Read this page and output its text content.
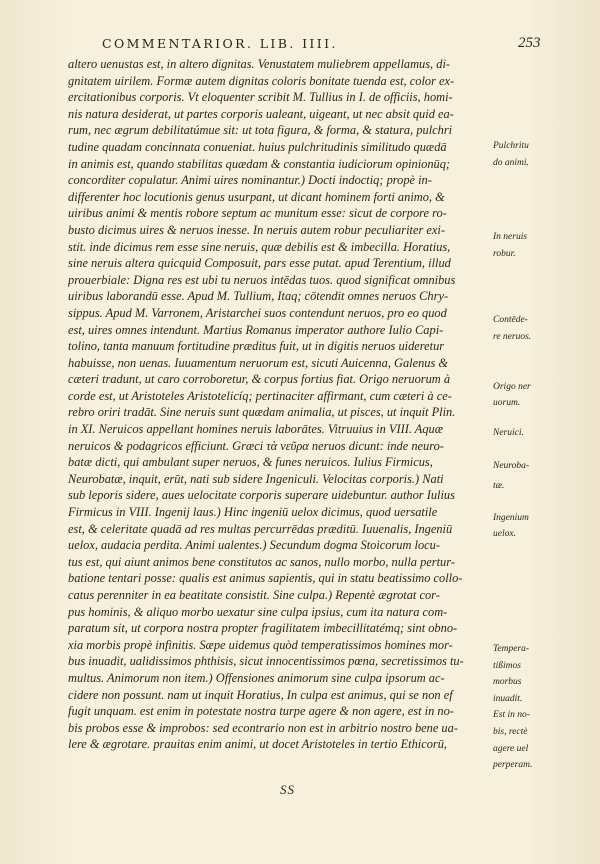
COMMENTARIOR. LIB. IIII.	253
altero uenustas est, in altero dignitas. Venustatem muliebrem appellamus, di-
gnitatem uirilem. Formæ autem dignitas coloris bonitate tuenda est, color ex-
ercitationibus corporis. Vt eloquenter scribit M. Tullius in I. de officiis, homi-
nis natura desiderat, ut partes corporis ualeant, uigeant, ut nec absit quid ea-
rum, nec ægrum debilitatúmue sit: ut tota figura, & forma, & statura, pulchri
tudine quadam concinnata conueniat. huius pulchritudinis similitudo quædā
in animis est, quando stabilitas quædam & constantia iudiciorum opinionūq;
concorditer copulatur. Animi uires nominantur.) Docti indoctiq; propè in-
differenter hoc locutionis genus usurpant, ut dicant hominem forti animo, &
uiribus animi & mentis robore septum ac munitum esse: sicut de corpore ro-
busto dicimus uires & neruos inesse. In neruis autem robur peculiariter exi-
stit. inde dicimus rem esse sine neruis, quæ debilis est & imbecilla. Horatius,
sine neruis altera quicquid Composuit, pars esse putat. apud Terentium, illud
prouerbiale: Digna res est ubi tu neruos intēdas tuos. quod significat omnibus
uiribus laborandū esse. Apud M. Tullium, Itaq; cōtendit omnes neruos Chry-
sippus. Apud M. Varronem, Aristarchei suos contendunt neruos, pro eo quod
est, uires omnes intendunt. Martius Romanus imperator authore Iulio Capi-
tolino, tanta manuum fortitudine præditus fuit, ut in digitis neruos uideretur
habuisse, non uenas. Iuuamentum neruorum est, sicuti Auicenna, Galenus &
cæteri tradunt, ut caro corroboretur, & corpus fortius fiat. Origo neruorum à
corde est, ut Aristoteles Aristotelicíq; pertinaciter affirmant, cum cæteri à ce-
rebro oriri tradāt. Sine neruis sunt quædam animalia, ut pisces, ut inquit Plin.
in XI. Neruicos appellant homines neruis laborātes. Vitruuius in VIII. Aquæ
neruicos & podagricos efficiunt. Græci τὰ νεῦρα neruos dicunt: inde neuro-
batæ dicti, qui ambulant super neruos, & funes neruicos. Iulius Firmicus,
Neurobatæ, inquit, erūt, nati sub sidere Ingeniculi. Velocitas corporis.) Nati
sub leporis sidere, aues uelocitate corporis superare uidebuntur. author Iulius
Firmicus in VIII. Ingenij laus.) Hinc ingeniū uelox dicimus, quod uersatile
est, & celeritate quadā ad res multas percurrēdas præditū. Iuuenalis, Ingeniū
uelox, audacia perdita. Animi ualentes.) Secundum dogma Stoicorum locu-
tus est, qui aiunt animos bene constitutos ac sanos, nullo morbo, nulla pertur-
batione tentari posse: qualis est animus sapientis, qui in statu beatissimo collo-
catus perenniter in ea beatitate consistit. Sine culpa.) Repentè ægrotat cor-
pus hominis, & aliquo morbo uexatur sine culpa ipsius, cum ita natura com-
paratum sit, ut corpora nostra propter fragilitatem imbecillitatémq; sint obno-
xia morbis propè infinitis. Sæpe uidemus quòd temperatissimos homines mor-
bus inuadit, ualidissimos phthisis, sicut innocentissimos pœna, secretissimos tu-
multus. Animorum non item.) Offensiones animorum sine culpa ipsorum ac-
cidere non possunt. nam ut inquit Horatius, In culpa est animus, qui se non ef
fugit unquam. est enim in potestate nostra turpe agere & non agere, est in no-
bis probos esse & improbos: sed econtrario non est in arbitrio nostro bene ua-
lere & ægrotare. prauitas enim animi, ut docet Aristoteles in tertio Ethicorū,
Pulchritu
do animi.
In neruis
robur.
Contēde-
re neruos.
Origo ner
uorum.
Neruici.
Neuroba-
tæ.
Ingenium
uelox.
Tempera-
tißimos
morbus
inuadit.
Est in no-
bis, rectè
agere uel
perperam.
SS
